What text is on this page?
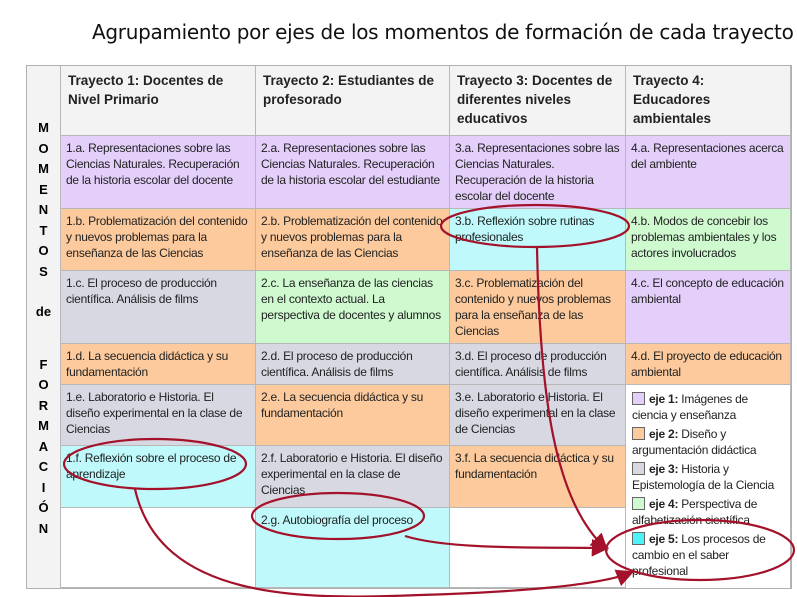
Agrupamiento por ejes de los momentos de formación de cada trayecto
M
O
M
E
N
T
O
S
de
F
O
R
M
A
C
I
Ó
N
Trayecto 1: Docentes de Nivel Primario
Trayecto 2: Estudiantes de profesorado
Trayecto 3: Docentes de diferentes niveles educativos
Trayecto 4: Educadores ambientales
1.a. Representaciones sobre las Ciencias Naturales. Recuperación de la historia escolar del docente
2.a. Representaciones sobre las Ciencias Naturales. Recuperación de la historia escolar del estudiante
3.a. Representaciones sobre las Ciencias Naturales. Recuperación de la historia escolar del docente
4.a. Representaciones acerca del ambiente
1.b. Problematización del contenido y nuevos problemas para la enseñanza de las Ciencias
2.b. Problematización del contenido y nuevos problemas para la enseñanza de las Ciencias
3.b. Reflexión sobre rutinas profesionales
4.b. Modos de concebir los problemas ambientales y los actores involucrados
1.c. El proceso de producción científica. Análisis de films
2.c. La enseñanza de las ciencias en el contexto actual. La perspectiva de docentes y alumnos
3.c. Problematización del contenido y nuevos problemas para la enseñanza de las Ciencias
4.c. El concepto de educación ambiental
1.d. La secuencia didáctica y su fundamentación
2.d. El proceso de producción científica. Análisis de films
3.d. El proceso de producción científica. Análisis de films
4.d. El proyecto de educación ambiental
1.e. Laboratorio e Historia. El diseño experimental en la clase de Ciencias
2.e. La secuencia didáctica y su fundamentación
3.e. Laboratorio e Historia. El diseño experimental en la clase de Ciencias
eje 1: Imágenes de ciencia y enseñanza
eje 2: Diseño y argumentación didáctica
eje 3: Historia y Epistemología de la Ciencia
eje 4: Perspectiva de alfabetización científica
eje 5: Los procesos de cambio en el saber profesional
1.f. Reflexión sobre el proceso de aprendizaje
2.f. Laboratorio e Historia. El diseño experimental en la clase de Ciencias
3.f. La secuencia didáctica y su fundamentación
2.g. Autobiografía del proceso
